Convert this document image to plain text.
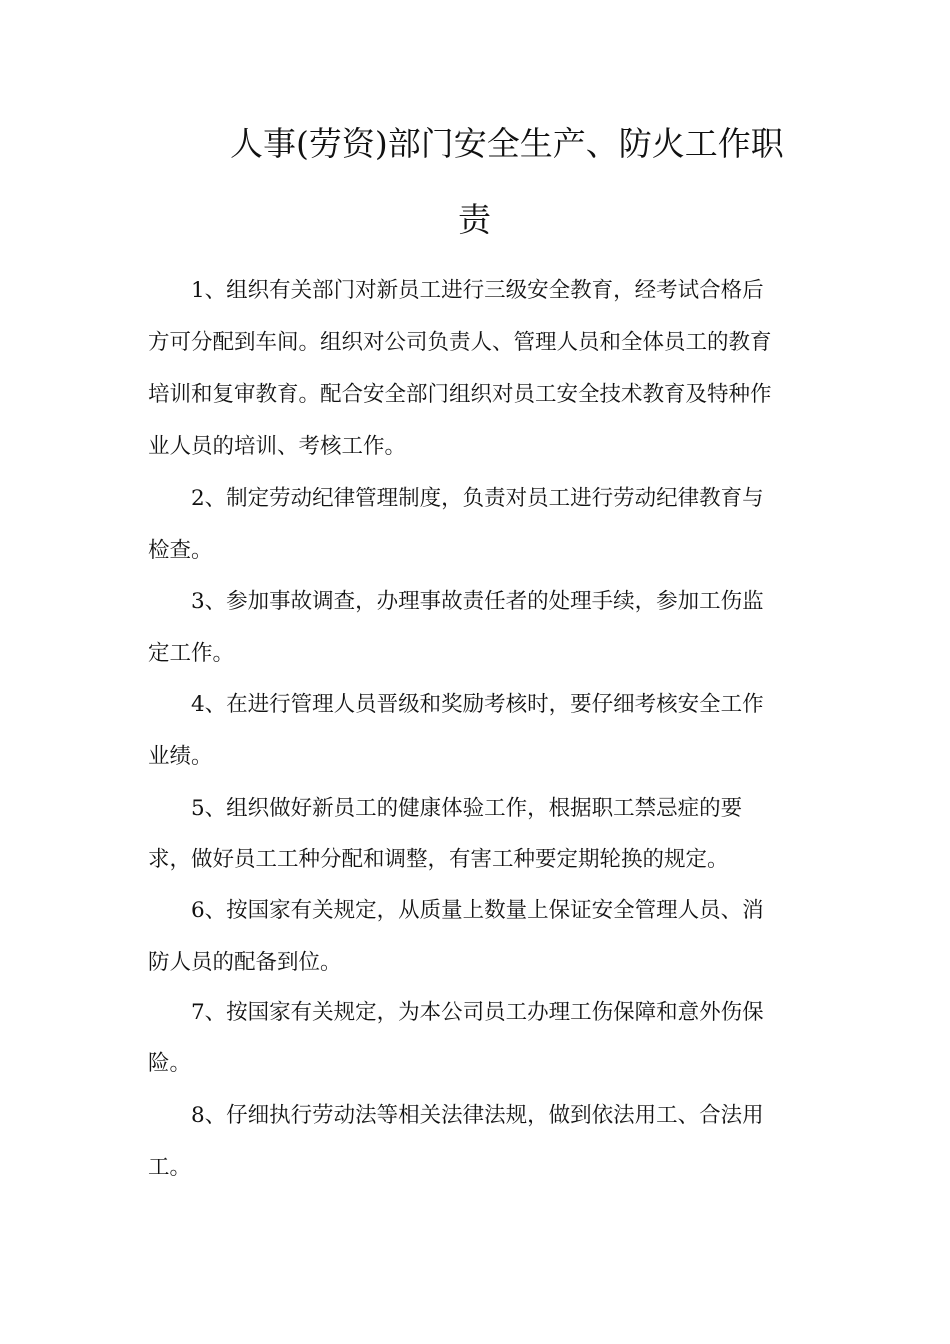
人事(劳资)部门安全生产、防火工作职
责
1、组织有关部门对新员工进行三级安全教育，经考试合格后
方可分配到车间。组织对公司负责人、管理人员和全体员工的教育
培训和复审教育。配合安全部门组织对员工安全技术教育及特种作
业人员的培训、考核工作。
2、制定劳动纪律管理制度，负责对员工进行劳动纪律教育与
检查。
3、参加事故调查，办理事故责任者的处理手续，参加工伤监
定工作。
4、在进行管理人员晋级和奖励考核时，要仔细考核安全工作
业绩。
5、组织做好新员工的健康体验工作，根据职工禁忌症的要
求，做好员工工种分配和调整，有害工种要定期轮换的规定。
6、按国家有关规定，从质量上数量上保证安全管理人员、消
防人员的配备到位。
7、按国家有关规定，为本公司员工办理工伤保障和意外伤保
险。
8、仔细执行劳动法等相关法律法规，做到依法用工、合法用
工。
